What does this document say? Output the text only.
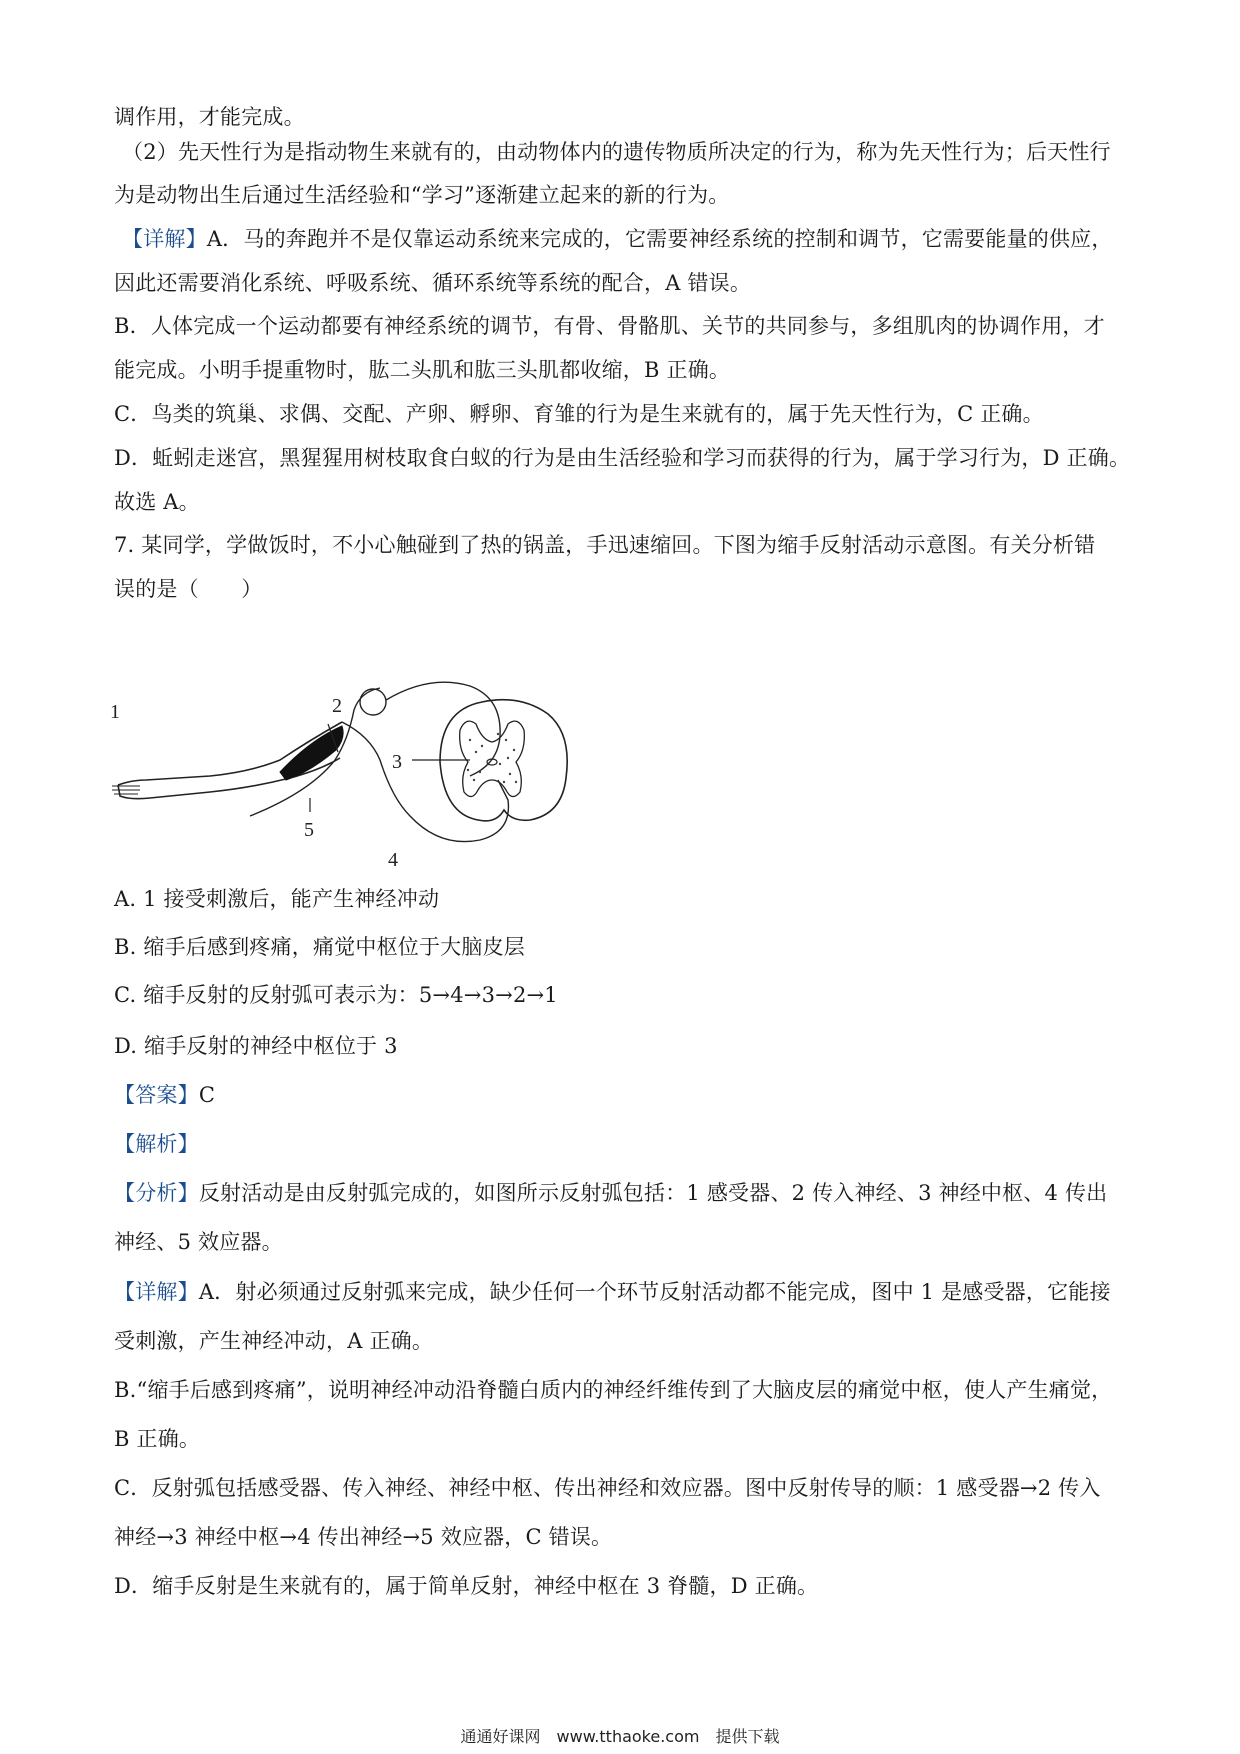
调作用，才能完成。
（2）先天性行为是指动物生来就有的，由动物体内的遗传物质所决定的行为，称为先天性行为；后天性行
为是动物出生后通过生活经验和“学习”逐渐建立起来的新的行为。
【详解】A．马的奔跑并不是仅靠运动系统来完成的，它需要神经系统的控制和调节，它需要能量的供应，
因此还需要消化系统、呼吸系统、循环系统等系统的配合，A 错误。
B．人体完成一个运动都要有神经系统的调节，有骨、骨骼肌、关节的共同参与，多组肌肉的协调作用，才
能完成。小明手提重物时，肱二头肌和肱三头肌都收缩，B 正确。
C．鸟类的筑巢、求偶、交配、产卵、孵卵、育雏的行为是生来就有的，属于先天性行为，C 正确。
D．蚯蚓走迷宫，黑猩猩用树枝取食白蚁的行为是由生活经验和学习而获得的行为，属于学习行为，D 正确。
故选 A。
7. 某同学，学做饭时，不小心触碰到了热的锅盖，手迅速缩回。下图为缩手反射活动示意图。有关分析错
误的是（　　）
1	2
3
4
5
A. 1 接受刺激后，能产生神经冲动
B. 缩手后感到疼痛，痛觉中枢位于大脑皮层
C. 缩手反射的反射弧可表示为：5→4→3→2→1
D. 缩手反射的神经中枢位于 3
【答案】C
【解析】
【分析】反射活动是由反射弧完成的，如图所示反射弧包括：1 感受器、2 传入神经、3 神经中枢、4 传出
神经、5 效应器。
【详解】A．射必须通过反射弧来完成，缺少任何一个环节反射活动都不能完成，图中 1 是感受器，它能接
受刺激，产生神经冲动，A 正确。
B.“缩手后感到疼痛”，说明神经冲动沿脊髓白质内的神经纤维传到了大脑皮层的痛觉中枢，使人产生痛觉，
B 正确。
C．反射弧包括感受器、传入神经、神经中枢、传出神经和效应器。图中反射传导的顺：1 感受器→2 传入
神经→3 神经中枢→4 传出神经→5 效应器，C 错误。
D．缩手反射是生来就有的，属于简单反射，神经中枢在 3 脊髓，D 正确。
通通好课网　www.tthaoke.com　提供下载
